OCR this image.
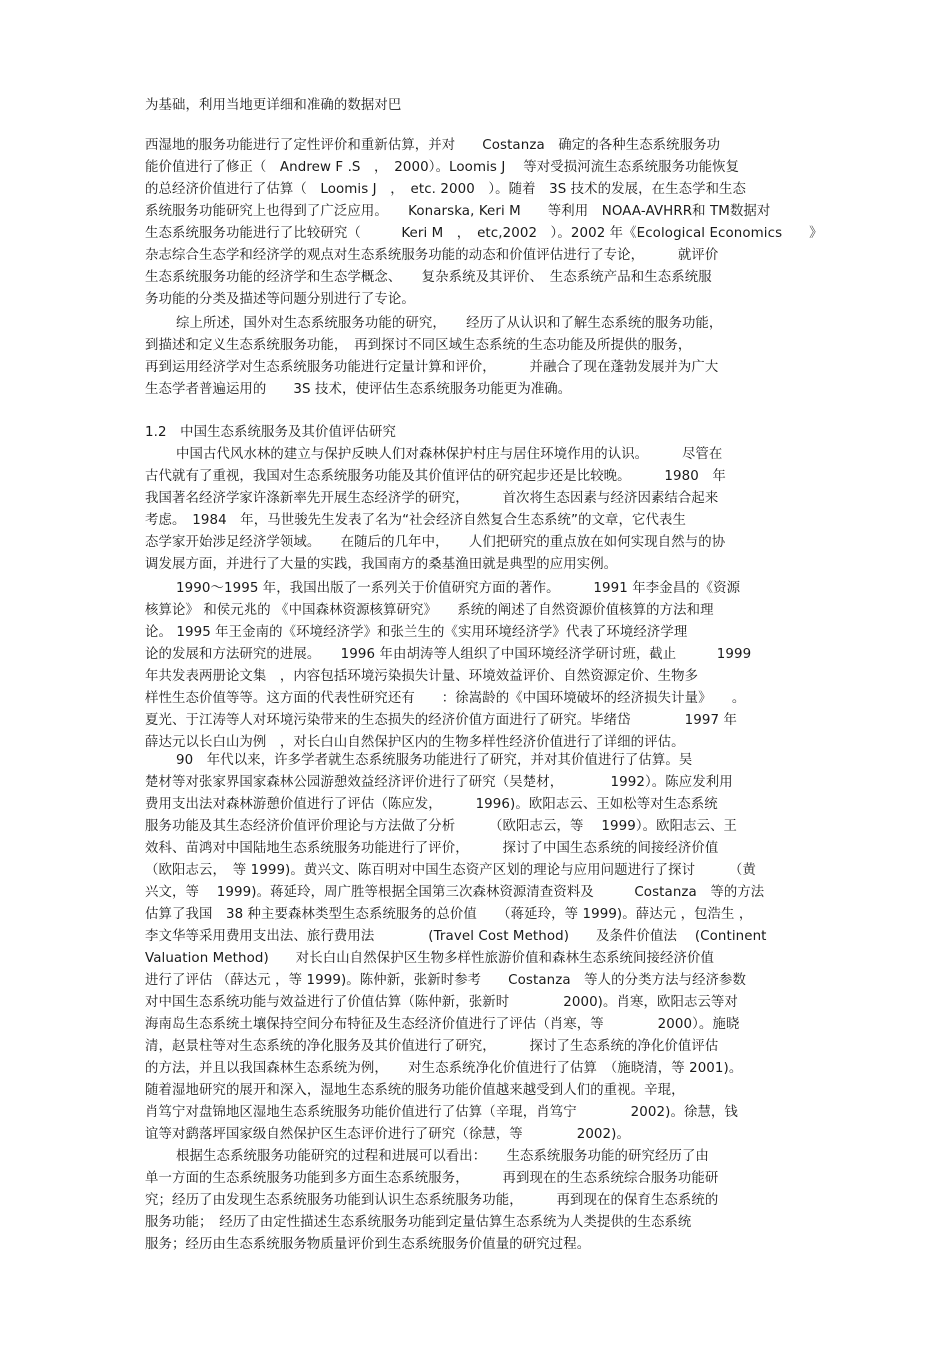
为基础，利用当地更详细和准确的数据对巴
西湿地的服务功能进行了定性评价和重新估算，并对　　Costanza　确定的各种生态系统服务功
能价值进行了修正（　Andrew F .S　，　2000）。Loomis J　 等对受损河流生态系统服务功能恢复
的总经济价值进行了估算（　Loomis J　，　etc. 2000　）。随着　3S 技术的发展，在生态学和生态
系统服务功能研究上也得到了广泛应用。　　Konarska, Keri M　　等利用　NOAA-AVHRR和 TM数据对
生态系统服务功能进行了比较研究（　　　Keri M　，　etc,2002　）。2002 年《Ecological Economics　　》
杂志综合生态学和经济学的观点对生态系统服务功能的动态和价值评估进行了专论，　　　就评价
生态系统服务功能的经济学和生态学概念、　　复杂系统及其评价、　生态系统产品和生态系统服
务功能的分类及描述等问题分别进行了专论。
综上所述，国外对生态系统服务功能的研究，　　经历了从认识和了解生态系统的服务功能，
到描述和定义生态系统服务功能，　再到探讨不同区域生态系统的生态功能及所提供的服务，
再到运用经济学对生态系统服务功能进行定量计算和评价，　　　并融合了现在蓬勃发展并为广大
生态学者普遍运用的　　3S 技术，使评估生态系统服务功能更为准确。
1.2　中国生态系统服务及其价值评估研究
中国古代风水林的建立与保护反映人们对森林保护村庄与居住环境作用的认识。　　　尽管在
古代就有了重视，我国对生态系统服务功能及其价值评估的研究起步还是比较晚。　　　1980　年
我国著名经济学家许涤新率先开展生态经济学的研究，　　　首次将生态因素与经济因素结合起来
考虑。　1984　年，马世骏先生发表了名为“社会经济自然复合生态系统”的文章，它代表生
态学家开始涉足经济学领域。　　在随后的几年中，　　人们把研究的重点放在如何实现自然与的协
调发展方面，并进行了大量的实践，我国南方的桑基渔田就是典型的应用实例。
1990～1995 年，我国出版了一系列关于价值研究方面的著作。　　　1991 年李金昌的《资源
核算论》 和侯元兆的 《中国森林资源核算研究》　　系统的阐述了自然资源价值核算的方法和理
论。 1995 年王金南的《环境经济学》和张兰生的《实用环境经济学》代表了环境经济学理
论的发展和方法研究的进展。　　1996 年由胡涛等人组织了中国环境经济学研讨班，截止　　　1999
年共发表两册论文集　，内容包括环境污染损失计量、环境效益评价、自然资源定价、生物多
样性生态价值等等。这方面的代表性研究还有　　：徐嵩龄的《中国环境破坏的经济损失计量》　　。
夏光、于江涛等人对环境污染带来的生态损失的经济价值方面进行了研究。毕绪岱　　　　1997 年
薛达元以长白山为例　，对长白山自然保护区内的生物多样性经济价值进行了详细的评估。
90　年代以来，许多学者就生态系统服务功能进行了研究，并对其价值进行了估算。吴
楚材等对张家界国家森林公园游憩效益经济评价进行了研究（吴楚材，　　　　1992）。陈应发利用
费用支出法对森林游憩价值进行了评估（陈应发，　　　1996)。欧阳志云、王如松等对生态系统
服务功能及其生态经济价值评价理论与方法做了分析　　　（欧阳志云，等　 1999）。欧阳志云、王
效科、苗鸿对中国陆地生态系统服务功能进行了评价，　　　探讨了中国生态系统的间接经济价值
（欧阳志云，　等 1999)。黄兴文、陈百明对中国生态资产区划的理论与应用问题进行了探讨　　　（黄
兴文，等　 1999)。蒋延玲，周广胜等根据全国第三次森林资源清查资料及　　　Costanza　等的方法
估算了我国　38 种主要森林类型生态系统服务的总价值　　（蒋延玲，等 1999)。薛达元 ，包浩生 ，
李文华等采用费用支出法、旅行费用法　　　　(Travel Cost Method)　　及条件价值法　 (Continent
Valuation Method)　　对长白山自然保护区生物多样性旅游价值和森林生态系统间接经济价值
进行了评估 （薛达元 ，等 1999)。陈仲新，张新时参考　　Costanza　等人的分类方法与经济参数
对中国生态系统功能与效益进行了价值估算（陈仲新，张新时　　　　2000)。肖寒，欧阳志云等对
海南岛生态系统土壤保持空间分布特征及生态经济价值进行了评估（肖寒，等　　　　2000）。施晓
清，赵景柱等对生态系统的净化服务及其价值进行了研究，　　　探讨了生态系统的净化价值评估
的方法，并且以我国森林生态系统为例，　　对生态系统净化价值进行了估算　（施晓清，等 2001)。
随着湿地研究的展开和深入，湿地生态系统的服务功能价值越来越受到人们的重视。辛琨，
肖笃宁对盘锦地区湿地生态系统服务功能价值进行了估算（辛琨，肖笃宁　　　　2002)。徐慧，钱
谊等对鹞落坪国家级自然保护区生态评价进行了研究（徐慧，等　　　　2002)。
根据生态系统服务功能研究的过程和进展可以看出：　　生态系统服务功能的研究经历了由
单一方面的生态系统服务功能到多方面生态系统服务，　　　再到现在的生态系统综合服务功能研
究；经历了由发现生态系统服务功能到认识生态系统服务功能，　　　再到现在的保育生态系统的
服务功能；　经历了由定性描述生态系统服务功能到定量估算生态系统为人类提供的生态系统
服务；经历由生态系统服务物质量评价到生态系统服务价值量的研究过程。
